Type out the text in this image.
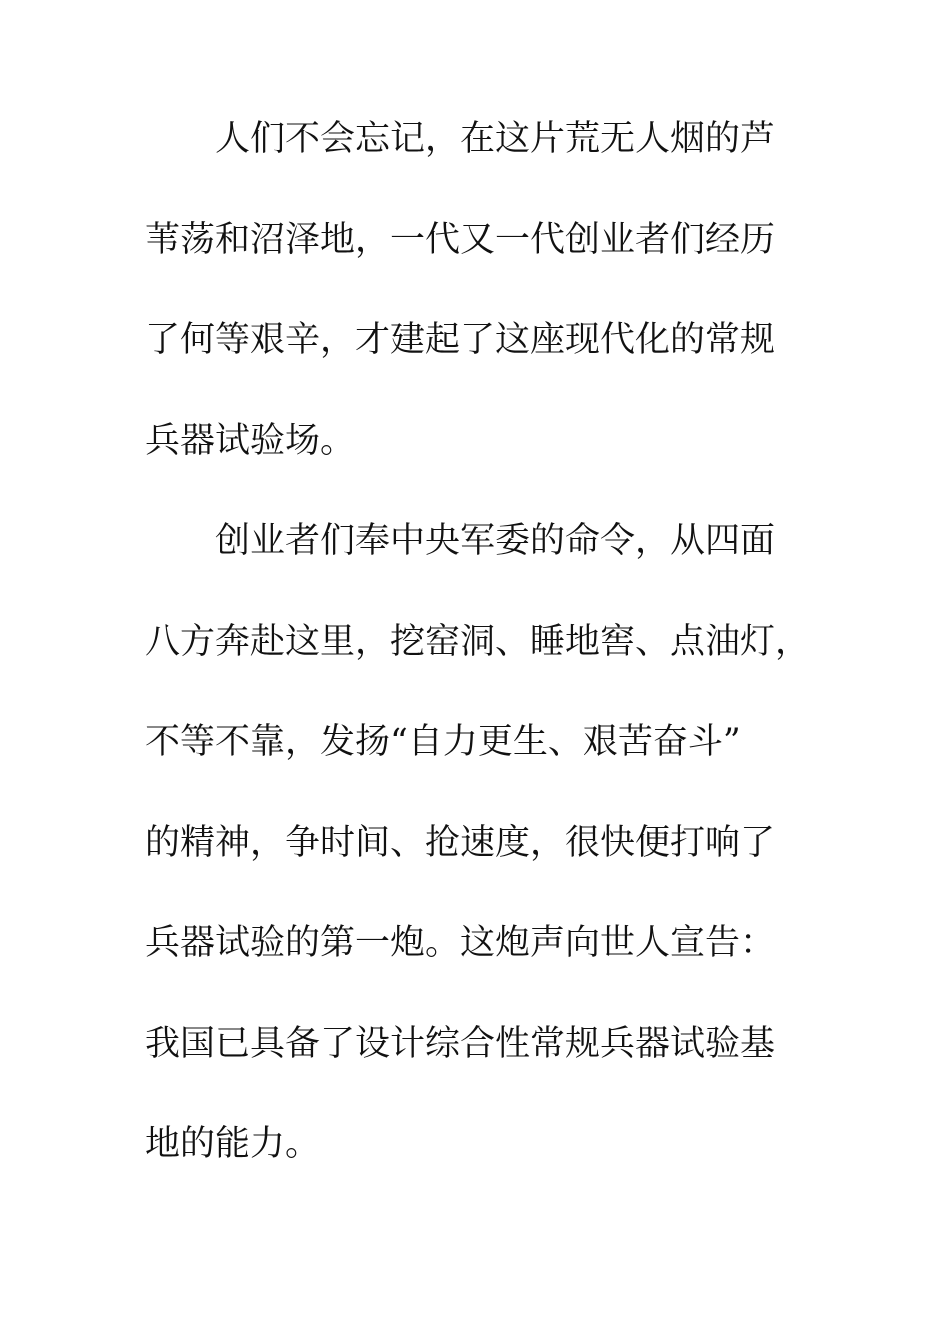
人们不会忘记，在这片荒无人烟的芦
苇荡和沼泽地，一代又一代创业者们经历
了何等艰辛，才建起了这座现代化的常规
兵器试验场。
创业者们奉中央军委的命令，从四面
八方奔赴这里，挖窑洞、睡地窖、点油灯，
不等不靠，发扬“自力更生、艰苦奋斗”
的精神，争时间、抢速度，很快便打响了
兵器试验的第一炮。这炮声向世人宣告：
我国已具备了设计综合性常规兵器试验基
地的能力。
